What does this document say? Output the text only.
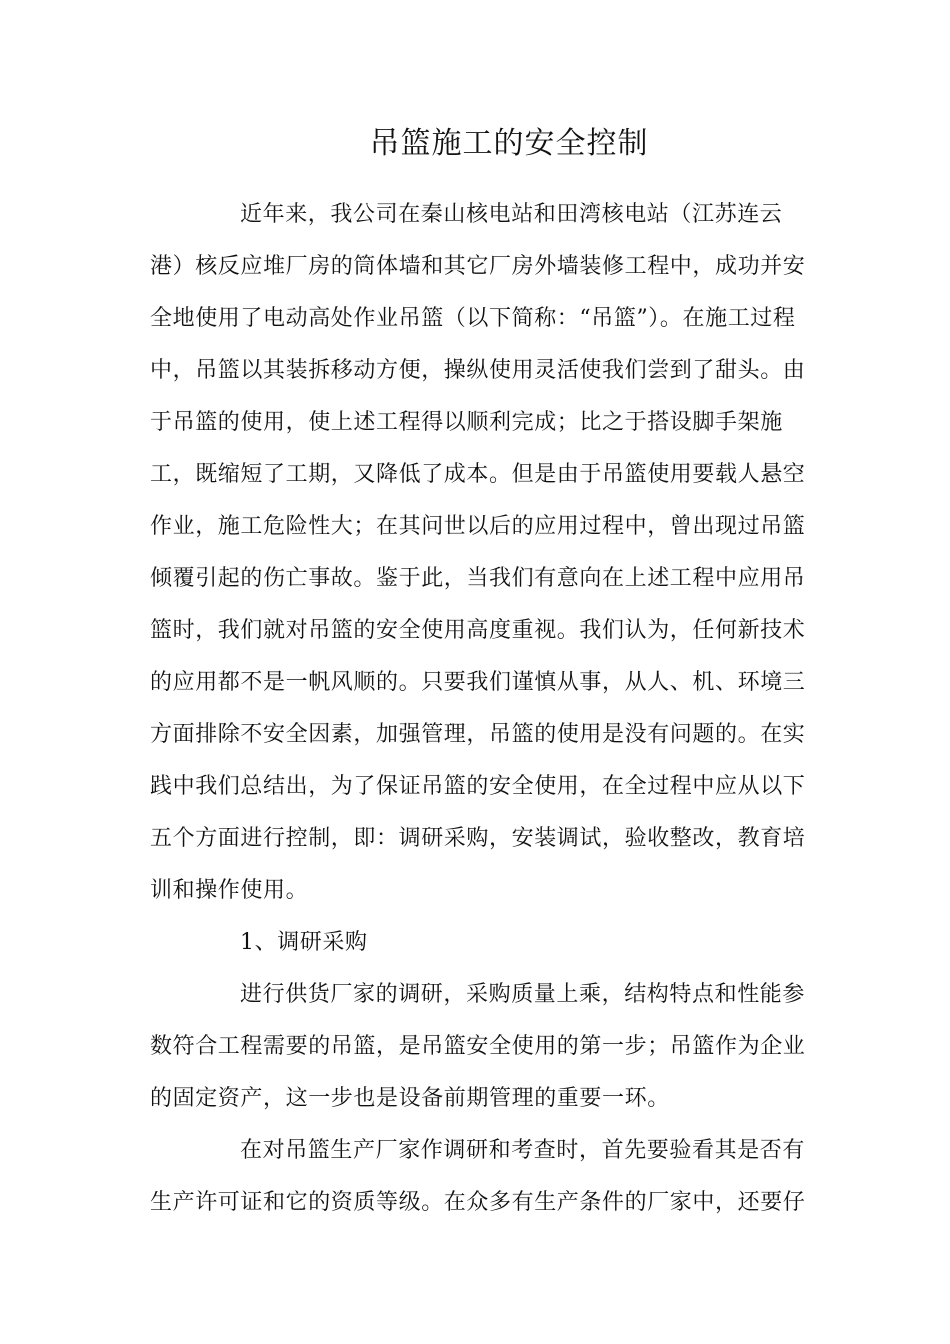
吊篮施工的安全控制
近年来，我公司在秦山核电站和田湾核电站（江苏连云
港）核反应堆厂房的筒体墙和其它厂房外墙装修工程中，成功并安
全地使用了电动高处作业吊篮（以下简称：“吊篮”）。在施工过程
中，吊篮以其装拆移动方便，操纵使用灵活使我们尝到了甜头。由
于吊篮的使用，使上述工程得以顺利完成；比之于搭设脚手架施
工，既缩短了工期，又降低了成本。但是由于吊篮使用要载人悬空
作业，施工危险性大；在其问世以后的应用过程中，曾出现过吊篮
倾覆引起的伤亡事故。鉴于此，当我们有意向在上述工程中应用吊
篮时，我们就对吊篮的安全使用高度重视。我们认为，任何新技术
的应用都不是一帆风顺的。只要我们谨慎从事，从人、机、环境三
方面排除不安全因素，加强管理，吊篮的使用是没有问题的。在实
践中我们总结出，为了保证吊篮的安全使用，在全过程中应从以下
五个方面进行控制，即：调研采购，安装调试，验收整改，教育培
训和操作使用。
1、调研采购
进行供货厂家的调研，采购质量上乘，结构特点和性能参
数符合工程需要的吊篮，是吊篮安全使用的第一步；吊篮作为企业
的固定资产，这一步也是设备前期管理的重要一环。
在对吊篮生产厂家作调研和考查时，首先要验看其是否有
生产许可证和它的资质等级。在众多有生产条件的厂家中，还要仔
